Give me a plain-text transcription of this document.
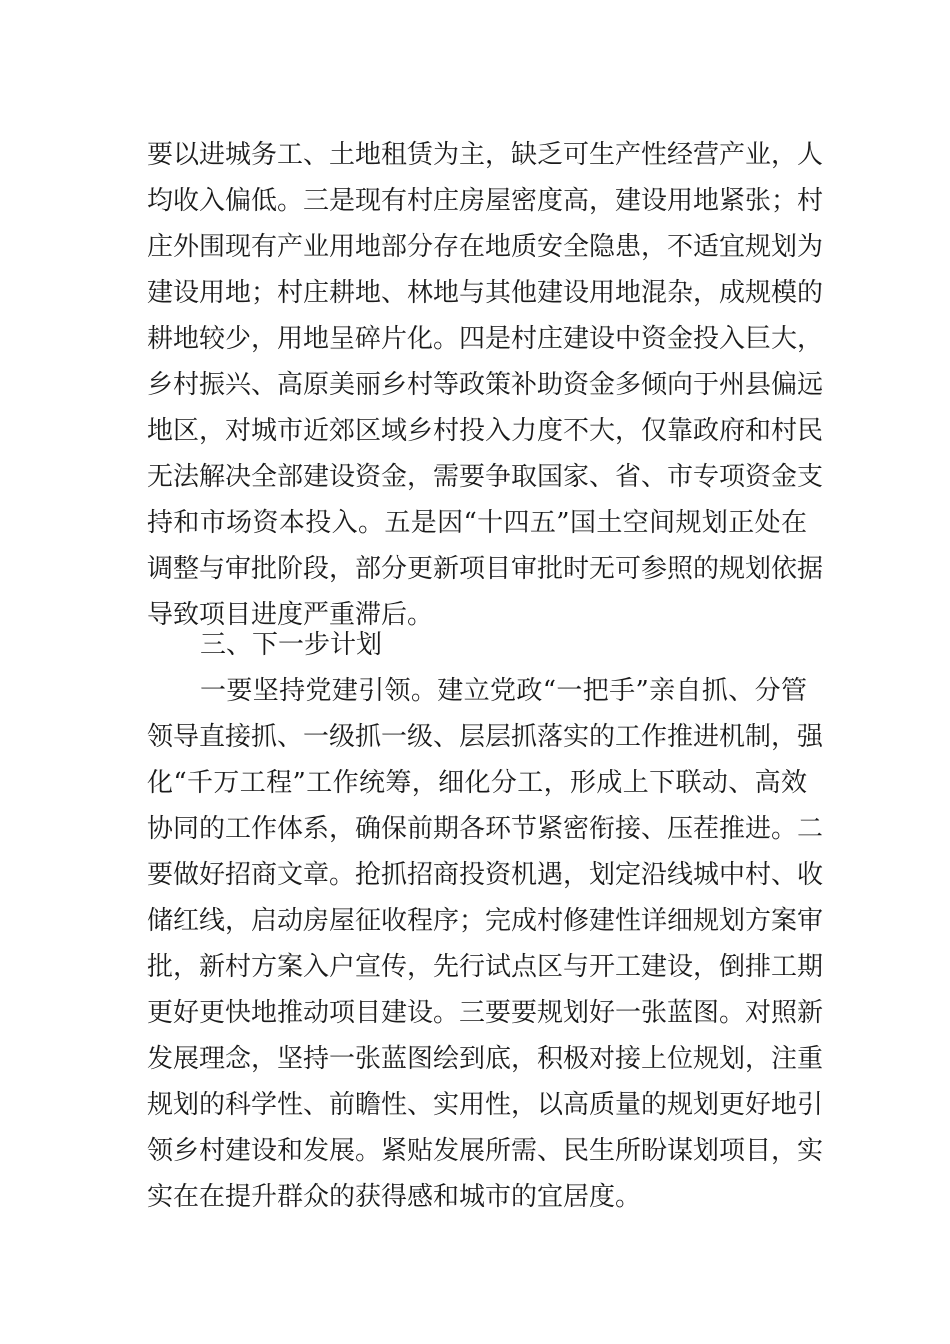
要以进城务工、土地租赁为主，缺乏可生产性经营产业，人
均收入偏低。三是现有村庄房屋密度高，建设用地紧张；村
庄外围现有产业用地部分存在地质安全隐患，不适宜规划为
建设用地；村庄耕地、林地与其他建设用地混杂，成规模的
耕地较少，用地呈碎片化。四是村庄建设中资金投入巨大，
乡村振兴、高原美丽乡村等政策补助资金多倾向于州县偏远
地区，对城市近郊区域乡村投入力度不大，仅靠政府和村民
无法解决全部建设资金，需要争取国家、省、市专项资金支
持和市场资本投入。五是因“十四五”国土空间规划正处在
调整与审批阶段，部分更新项目审批时无可参照的规划依据
导致项目进度严重滞后。
三、下一步计划
一要坚持党建引领。建立党政“一把手”亲自抓、分管
领导直接抓、一级抓一级、层层抓落实的工作推进机制，强
化“千万工程”工作统筹，细化分工，形成上下联动、高效
协同的工作体系，确保前期各环节紧密衔接、压茬推进。二
要做好招商文章。抢抓招商投资机遇，划定沿线城中村、收
储红线，启动房屋征收程序；完成村修建性详细规划方案审
批，新村方案入户宣传，先行试点区与开工建设，倒排工期
更好更快地推动项目建设。三要要规划好一张蓝图。对照新
发展理念，坚持一张蓝图绘到底，积极对接上位规划，注重
规划的科学性、前瞻性、实用性，以高质量的规划更好地引
领乡村建设和发展。紧贴发展所需、民生所盼谋划项目，实
实在在提升群众的获得感和城市的宜居度。
